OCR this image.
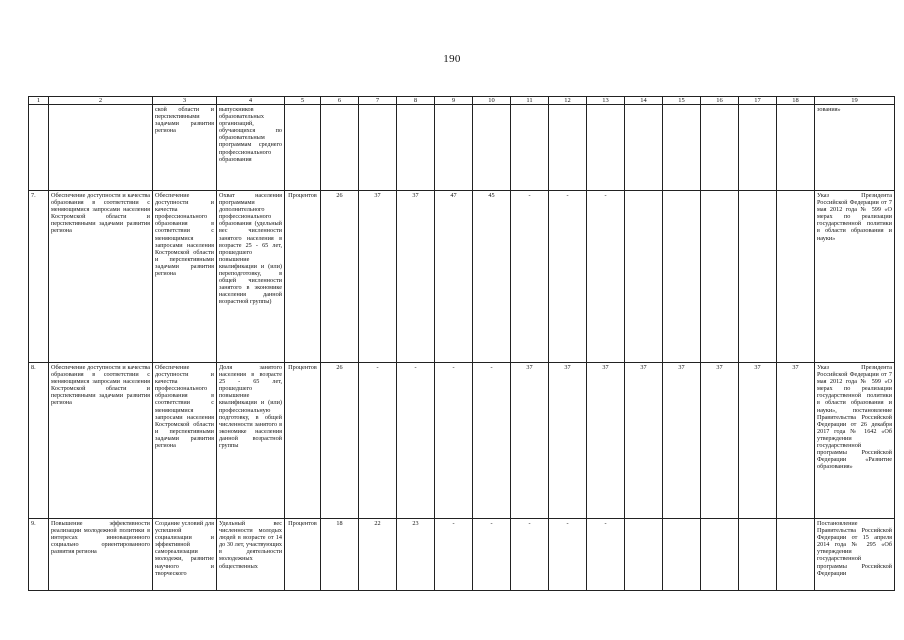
190
1	2	3	4	5	6	7	8	9	10	11	12	13	14	15	16	17	18	19
		ской области и перспективными задачами развития региона	выпускников образовательных организаций, обучающихся по образовательным программам среднего профессионального образования															зования»
7.	Обеспечение доступности и качества образования в соответствии с меняющимися запросами населения Костромской области и перспективными задачами развития региона	Обеспечение доступности и качества профессионального образования в соответствии с меняющимися запросами населения Костромской области и перспективными задачами развития региона	Охват населения программами дополнительного профессионального образования (удельный вес численности занятого населения в возрасте 25 - 65 лет, прошедшего повышение квалификации и (или) переподготовку, в общей численности занятого в экономике населения данной возрастной группы)	Процентов	26	37	37	47	45	-	-	-						Указ Президента Российской Федерации от 7 мая 2012 года № 599 «О мерах по реализации государственной политики в области образования и науки»
8.	Обеспечение доступности и качества образования в соответствии с меняющимися запросами населения Костромской области и перспективными задачами развития региона	Обеспечение доступности и качества профессионального образования в соответствии с меняющимися запросами населения Костромской области и перспективными задачами развития региона	Доля занятого населения в возрасте 25 - 65 лет, прошедшего повышение квалификации и (или) профессиональную подготовку, в общей численности занятого в экономике населения данной возрастной группы	Процентов	26	-	-	-	-	37	37	37	37	37	37	37	37	Указ Президента Российской Федерации от 7 мая 2012 года № 599 «О мерах по реализации государственной политики в области образования и науки», постановление Правительства Российской Федерации от 26 декабря 2017 года № 1642 «Об утверждении государственной программы Российской Федерации «Развитие образования»
9.	Повышение эффективности реализации молодежной политики в интересах инновационного социально ориентированного развития региона	Создание условий для успешной социализации и эффективной самореализации молодежи, развитие научного и творческого	Удельный вес численности молодых людей в возрасте от 14 до 30 лет, участвующих в деятельности молодежных общественных	Процентов	18	22	23	-	-	-	-	-						Постановление Правительства Российской Федерации от 15 апреля 2014 года № 295 «Об утверждении государственной программы Российской Федерации
